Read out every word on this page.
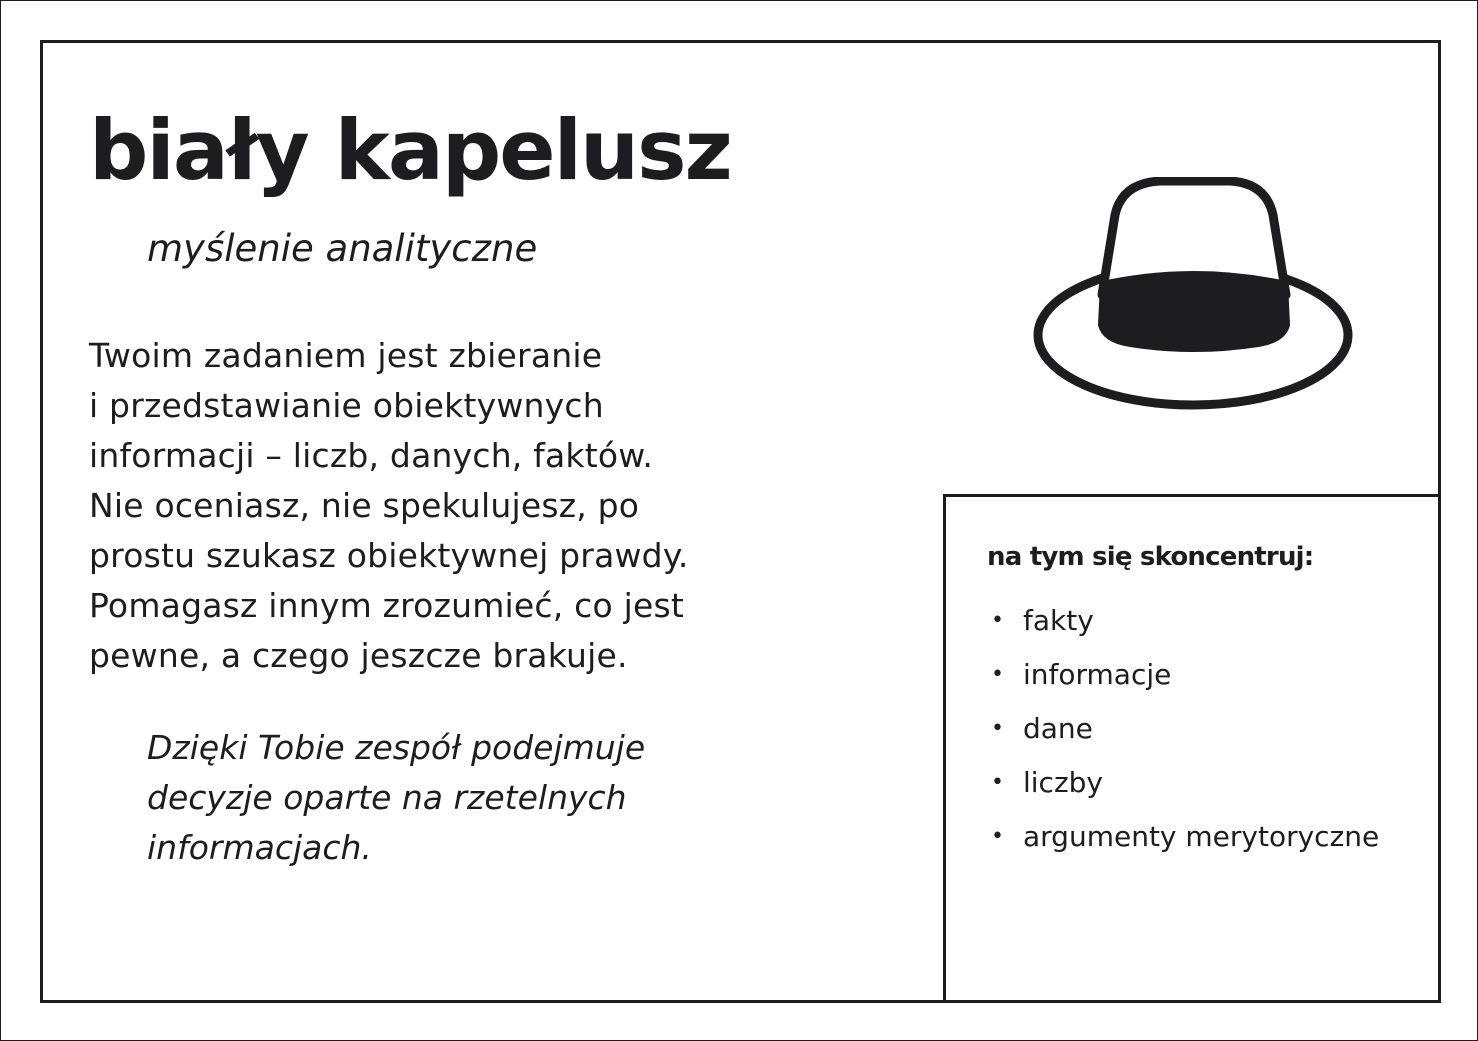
biały kapelusz

myślenie analityczne

Twoim zadaniem jest zbieranie
i przedstawianie obiektywnych
informacji – liczb, danych, faktów.
Nie oceniasz, nie spekulujesz, po
prostu szukasz obiektywnej prawdy.
Pomagasz innym zrozumieć, co jest
pewne, a czego jeszcze brakuje.

Dzięki Tobie zespół podejmuje
decyzje oparte na rzetelnych
informacjach.

na tym się skoncentruj:

• fakty
• informacje
• dane
• liczby
• argumenty merytoryczne
